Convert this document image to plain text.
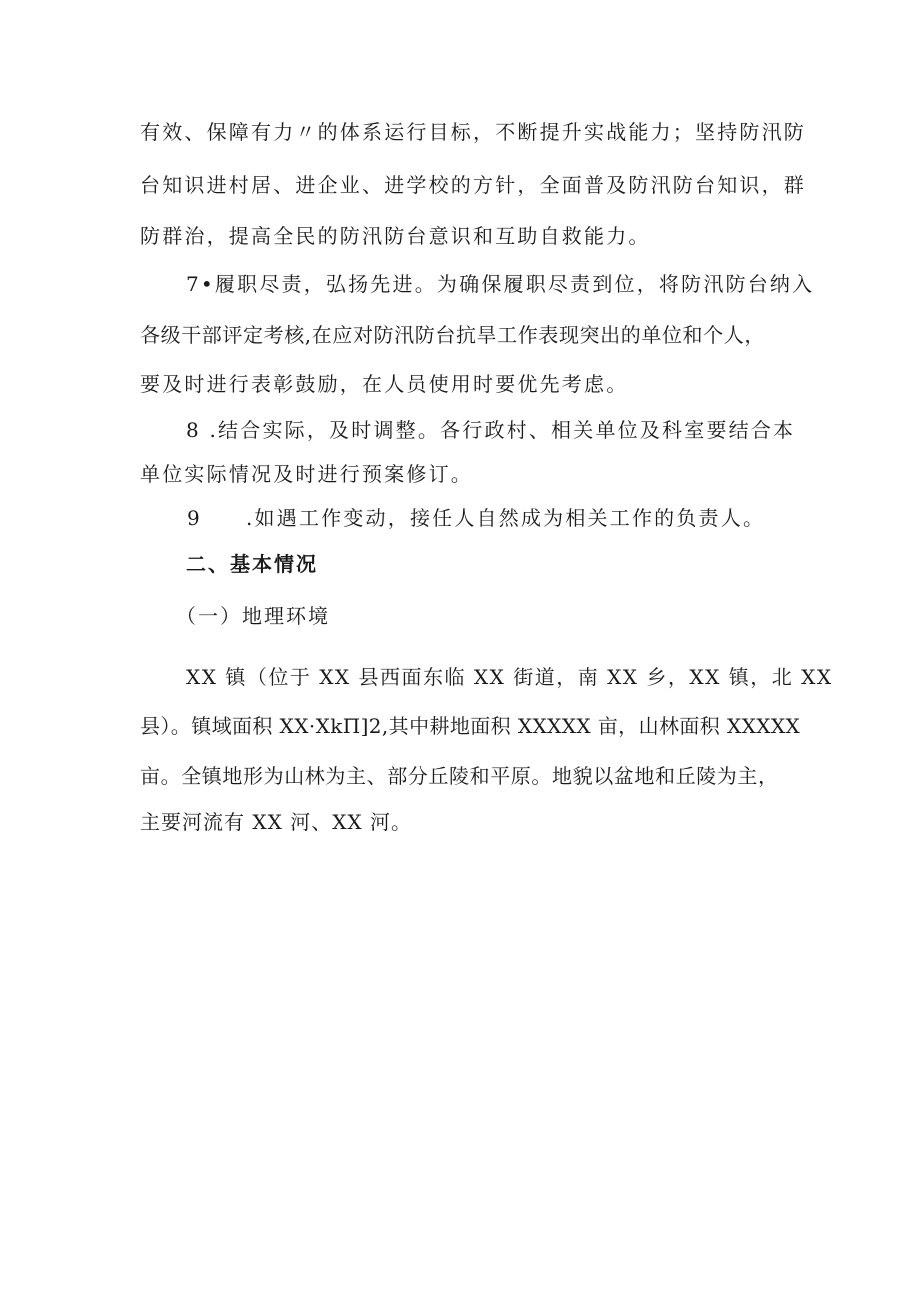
有效、保障有力〃的体系运行目标，不断提升实战能力；坚持防汛防
台知识进村居、进企业、进学校的方针，全面普及防汛防台知识，群
防群治，提高全民的防汛防台意识和互助自救能力。
7•履职尽责，弘扬先进。为确保履职尽责到位，将防汛防台纳入
各级干部评定考核,在应对防汛防台抗旱工作表现突出的单位和个人，
要及时进行表彰鼓励，在人员使用时要优先考虑。
8 .结合实际，及时调整。各行政村、相关单位及科室要结合本
单位实际情况及时进行预案修订。
9 .如遇工作变动，接任人自然成为相关工作的负责人。
二、基本情况
（一）地理环境
XX 镇（位于 XX 县西面东临 XX 街道，南 XX 乡，XX 镇，北 XX
县）。镇域面积 XX·XkΠ]2,其中耕地面积 XXXXX 亩，山林面积 XXXXX
亩。全镇地形为山林为主、部分丘陵和平原。地貌以盆地和丘陵为主，
主要河流有 XX 河、XX 河。
